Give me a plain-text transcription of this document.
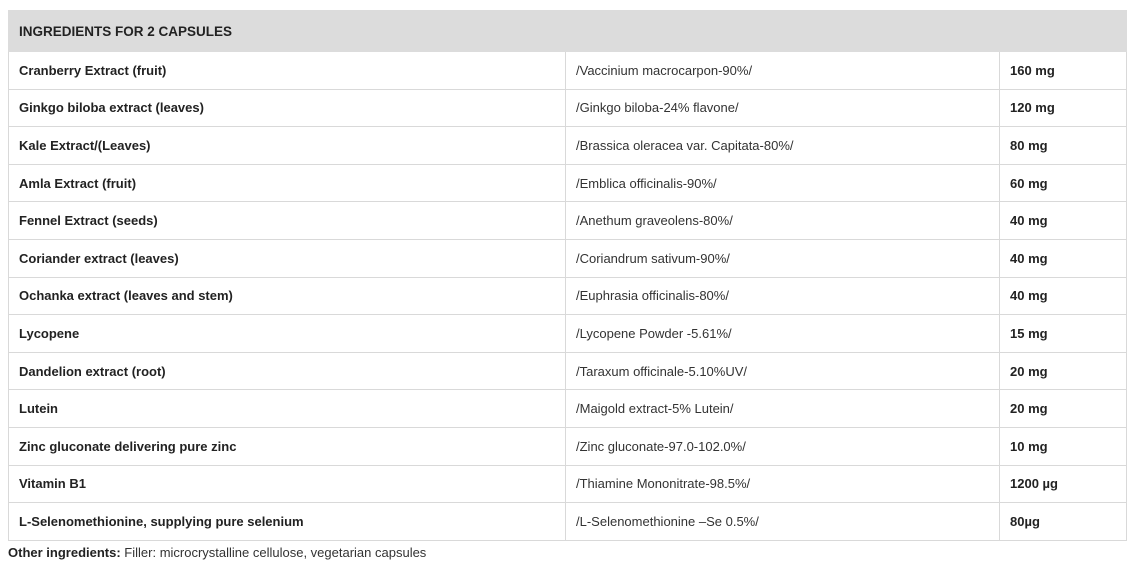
INGREDIENTS FOR 2 CAPSULES		
Cranberry Extract (fruit)	/Vaccinium macrocarpon-90%/	160 mg
Ginkgo biloba extract (leaves)	/Ginkgo biloba-24% flavone/	120 mg
Kale Extract/(Leaves)	/Brassica oleracea var. Capitata-80%/	80 mg
Amla Extract (fruit)	/Emblica officinalis-90%/	60 mg
Fennel Extract (seeds)	/Anethum graveolens-80%/	40 mg
Coriander extract (leaves)	/Coriandrum sativum-90%/	40 mg
Ochanka extract (leaves and stem)	/Euphrasia officinalis-80%/	40 mg
Lycopene	/Lycopene Powder -5.61%/	15 mg
Dandelion extract (root)	/Taraxum officinale-5.10%UV/	20 mg
Lutein	/Maigold extract-5% Lutein/	20 mg
Zinc gluconate delivering pure zinc	/Zinc gluconate-97.0-102.0%/	10 mg
Vitamin B1	/Thiamine Mononitrate-98.5%/	1200 µg
L-Selenomethionine, supplying pure selenium	/L-Selenomethionine –Se 0.5%/	80µg
Other ingredients: Filler: microcrystalline cellulose, vegetarian capsules
